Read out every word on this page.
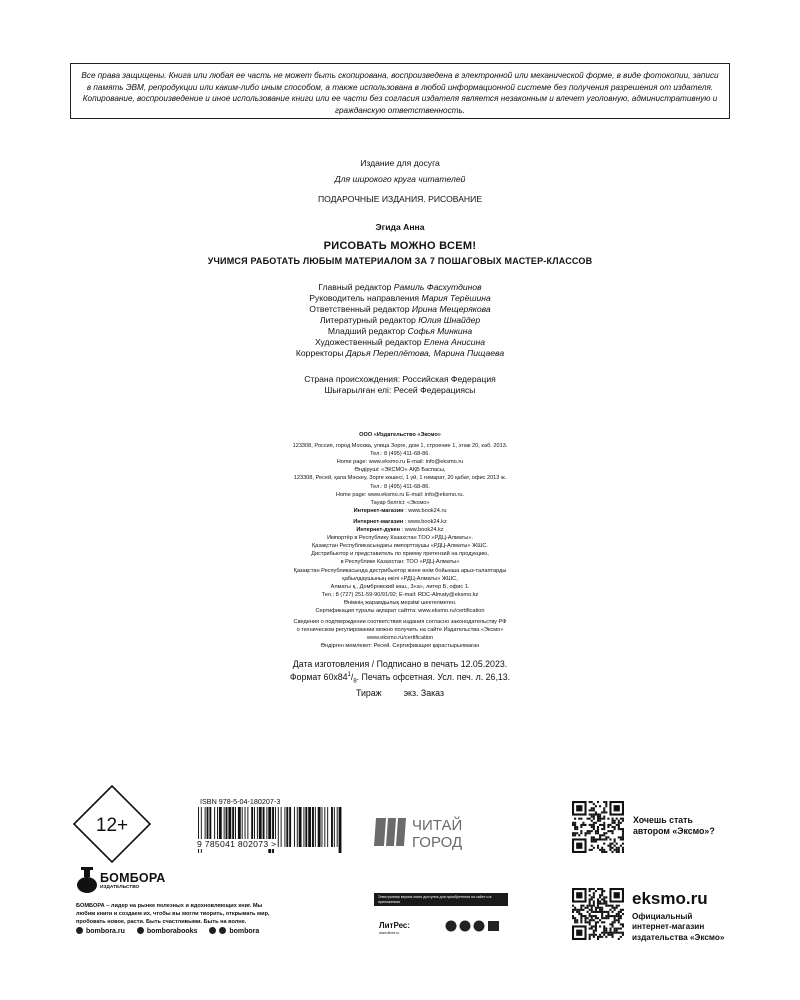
Все права защищены. Книга или любая ее часть не может быть скопирована, воспроизведена в электронной или механической форме, в виде фотокопии, записи в память ЭВМ, репродукции или каким-либо иным способом, а также использована в любой информационной системе без получения разрешения от издателя. Копирование, воспроизведение и иное использование книги или ее части без согласия издателя является незаконным и влечет уголовную, административную и гражданскую ответственность.
Издание для досуга
Для широкого круга читателей
ПОДАРОЧНЫЕ ИЗДАНИЯ. РИСОВАНИЕ
Эгида Анна
РИСОВАТЬ МОЖНО ВСЕМ!
УЧИМСЯ РАБОТАТЬ ЛЮБЫМ МАТЕРИАЛОМ ЗА 7 ПОШАГОВЫХ МАСТЕР-КЛАССОВ
Главный редактор Рамиль Фасхутдинов
Руководитель направления Мария Терёшина
Ответственный редактор Ирина Мещерякова
Литературный редактор Юлия Шнайдер
Младший редактор Софья Минкина
Художественный редактор Елена Анисина
Корректоры Дарья Переплётова, Марина Пищаева
Страна происхождения: Российская Федерация
Шығарылған елі: Ресей Федерациясы
ООО «Издательство «Эксмо»
123308, Россия, город Москва, улица Зорге, дом 1, строение 1, этаж 20, каб. 2013.
Тел.: 8 (495) 411-68-86.
Home page: www.eksmo.ru E-mail: info@eksmo.ru
Өндіруші: «ЭКСМО» АҚБ Баспасы,
123308, Ресей, қала Мәскеу, Зорге көшесі, 1 үй, 1 ғимарат, 20 қабат, офис 2013 ж.
Тел.: 8 (495) 411-68-86.
Home page: www.eksmo.ru E-mail: info@eksmo.ru.
Тауар белгісі: «Эксмо»
Интернет-магазин : www.book24.ru
Интернет-магазин : www.book24.kz
Интернет-дүкен : www.book24.kz
Импортёр в Республику Казахстан ТОО «РДЦ-Алматы».
Қазақстан Республикасындағы импорттаушы «РДЦ-Алматы» ЖШС.
Дистрибьютор и представитель по приему претензий на продукцию,
в Республике Казахстан: ТОО «РДЦ-Алматы»
Қазақстан Республикасында дистрибьютор және өнім бойынша арыз-талаптарды
қабылдаушының өкілі «РДЦ-Алматы» ЖШС,
Алматы қ., Домбровский көш., 3«а», литер Б, офис 1.
Тел.: 8 (727) 251-59-90/91/92; E-mail: RDC-Almaty@eksmo.kz
Өнімнің жарамдылық мерзімі шектелмеген.
Сертификация туралы ақпарат сайтта: www.eksmo.ru/certification
Сведения о подтверждении соответствия издания согласно законодательству РФ
о техническом регулировании можно получить на сайте Издательства «Эксмо»
www.eksmo.ru/certification
Өндірген мемлекет: Ресей. Сертификация қарастырылмаған
Дата изготовления / Подписано в печать 12.05.2023.
Формат $60x84^1/_8$. Печать офсетная. Усл. печ. л. 26,13.
Тираж         экз. Заказ
12+
ISBN 978-5-04-180207-3
9 785041 802073 >
ЧИТАЙ
ГОРОД
Хочешь стать
автором «Эксмо»?
eksmo.ru
Официальный
интернет-магазин
издательства «Эксмо»
БОМБОРА
ИЗДАТЕЛЬСТВО
БОМБОРА – лидер на рынке полезных и вдохновляющих книг. Мы любим книги и создаем их, чтобы вы могли творить, открывать мир, пробовать новое, расти. Быть счастливыми. Быть на волне.
bombora.ru	bomborabooks	bombora
Электронная версия книги доступна для приобретения на сайте и в приложениях
ЛитРес:
www.litres.ru
